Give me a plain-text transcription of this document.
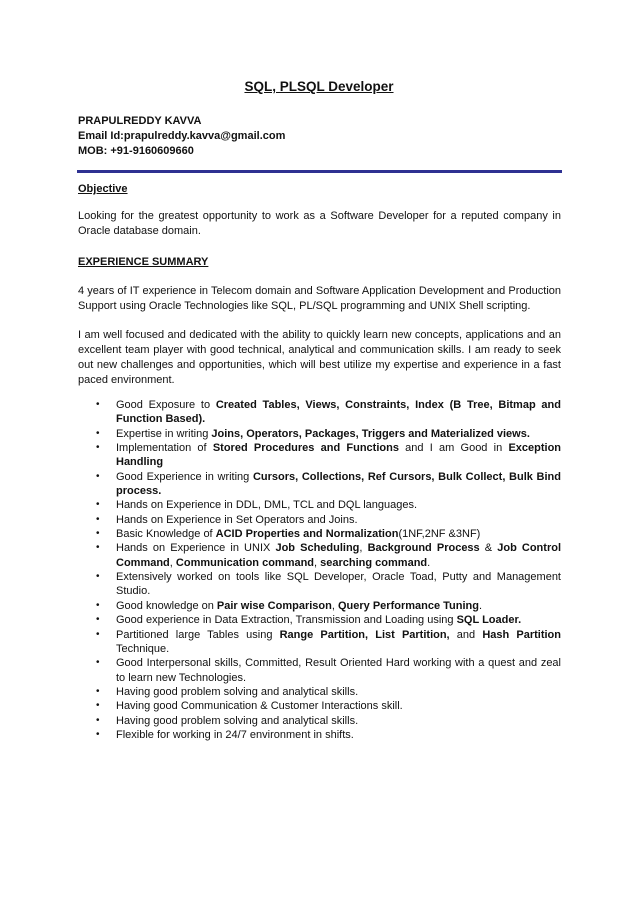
SQL, PLSQL Developer
PRAPULREDDY KAVVA
Email Id:prapulreddy.kavva@gmail.com
MOB: +91-9160609660
Objective
Looking for the greatest opportunity to work as a Software Developer for a reputed company in Oracle database domain.
EXPERIENCE SUMMARY
4 years of IT experience in Telecom domain and Software Application Development and Production Support using Oracle Technologies like SQL, PL/SQL programming and UNIX Shell scripting.
I am well focused and dedicated with the ability to quickly learn new concepts, applications and an excellent team player with good technical, analytical and communication skills. I am ready to seek out new challenges and opportunities, which will best utilize my expertise and experience in a fast paced environment.
• Good Exposure to Created Tables, Views, Constraints, Index (B Tree, Bitmap and Function Based).
• Expertise in writing Joins, Operators, Packages, Triggers and Materialized views.
• Implementation of Stored Procedures and Functions and I am Good in Exception Handling
• Good Experience in writing Cursors, Collections, Ref Cursors, Bulk Collect, Bulk Bind process.
• Hands on Experience in DDL, DML, TCL and DQL languages.
• Hands on Experience in Set Operators and Joins.
• Basic Knowledge of ACID Properties and Normalization(1NF,2NF &3NF)
• Hands on Experience in UNIX Job Scheduling, Background Process & Job Control Command, Communication command, searching command.
• Extensively worked on tools like SQL Developer, Oracle Toad, Putty and Management Studio.
• Good knowledge on Pair wise Comparison, Query Performance Tuning.
• Good experience in Data Extraction, Transmission and Loading using SQL Loader.
• Partitioned large Tables using Range Partition, List Partition, and Hash Partition Technique.
• Good Interpersonal skills, Committed, Result Oriented Hard working with a quest and zeal to learn new Technologies.
• Having good problem solving and analytical skills.
• Having good Communication & Customer Interactions skill.
• Having good problem solving and analytical skills.
• Flexible for working in 24/7 environment in shifts.
